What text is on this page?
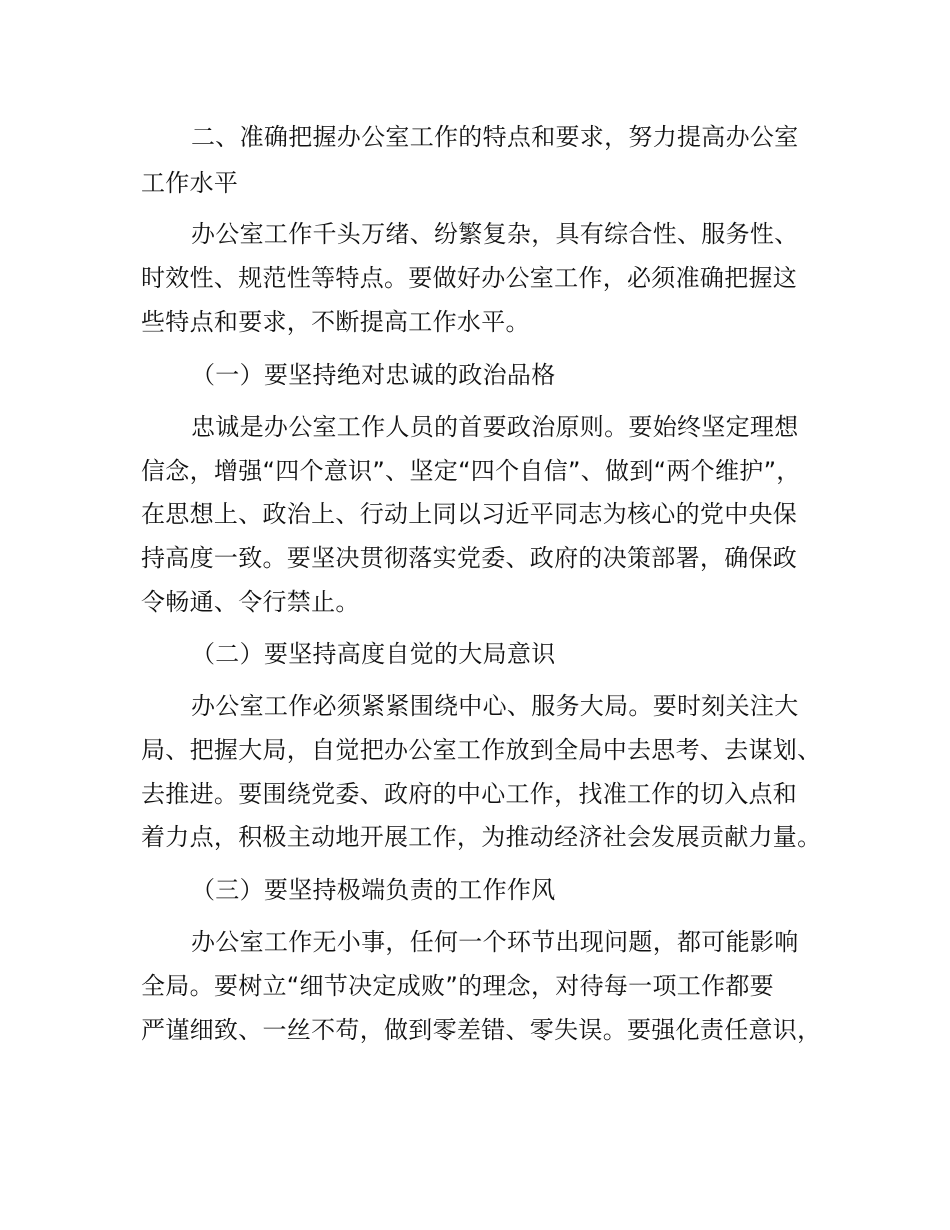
二、准确把握办公室工作的特点和要求，努力提高办公室
工作水平
办公室工作千头万绪、纷繁复杂，具有综合性、服务性、
时效性、规范性等特点。要做好办公室工作，必须准确把握这
些特点和要求，不断提高工作水平。
（一）要坚持绝对忠诚的政治品格
忠诚是办公室工作人员的首要政治原则。要始终坚定理想
信念，增强“四个意识”、坚定“四个自信”、做到“两个维护”，
在思想上、政治上、行动上同以习近平同志为核心的党中央保
持高度一致。要坚决贯彻落实党委、政府的决策部署，确保政
令畅通、令行禁止。
（二）要坚持高度自觉的大局意识
办公室工作必须紧紧围绕中心、服务大局。要时刻关注大
局、把握大局，自觉把办公室工作放到全局中去思考、去谋划、
去推进。要围绕党委、政府的中心工作，找准工作的切入点和
着力点，积极主动地开展工作，为推动经济社会发展贡献力量。
（三）要坚持极端负责的工作作风
办公室工作无小事，任何一个环节出现问题，都可能影响
全局。要树立“细节决定成败”的理念，对待每一项工作都要
严谨细致、一丝不苟，做到零差错、零失误。要强化责任意识，
